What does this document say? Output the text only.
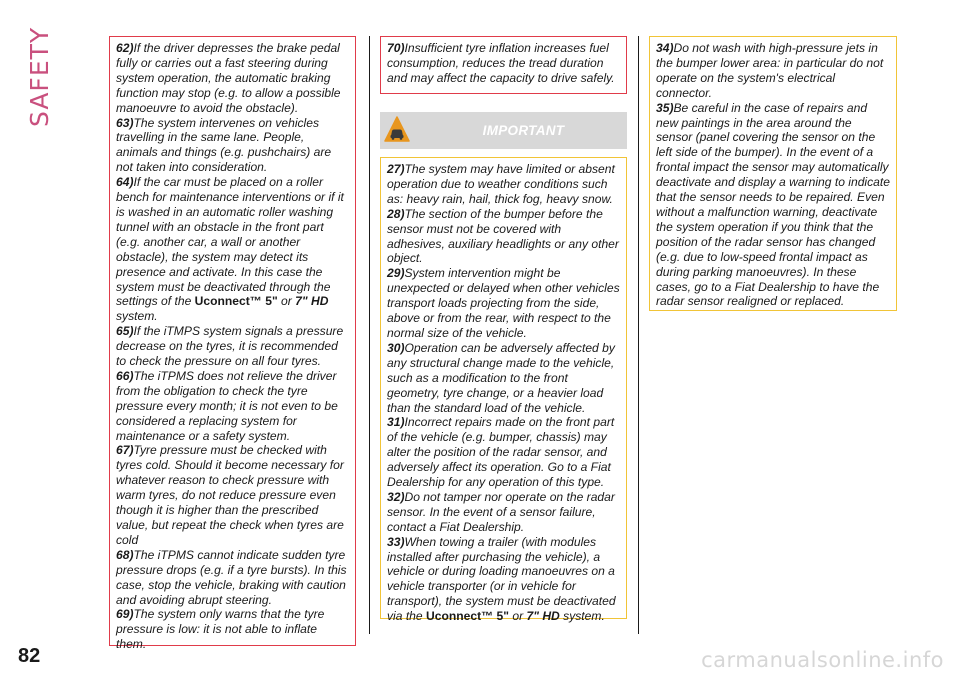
SAFETY	62)If the driver depresses the brake pedal fully or carries out a fast steering during system operation, the automatic braking function may stop (e.g. to allow a possible manoeuvre to avoid the obstacle).

63)The system intervenes on vehicles travelling in the same lane. People, animals and things (e.g. pushchairs) are not taken into consideration.

64)If the car must be placed on a roller bench for maintenance interventions or if it is washed in an automatic roller washing tunnel with an obstacle in the front part (e.g. another car, a wall or another obstacle), the system may detect its presence and activate. In this case the system must be deactivated through the settings of the Uconnect™ 5" or 7" HD system.

65)If the iTMPS system signals a pressure decrease on the tyres, it is recommended to check the pressure on all four tyres.

66)The iTPMS does not relieve the driver from the obligation to check the tyre pressure every month; it is not even to be considered a replacing system for maintenance or a safety system.

67)Tyre pressure must be checked with tyres cold. Should it become necessary for whatever reason to check pressure with warm tyres, do not reduce pressure even though it is higher than the prescribed value, but repeat the check when tyres are cold

68)The iTPMS cannot indicate sudden tyre pressure drops (e.g. if a tyre bursts). In this case, stop the vehicle, braking with caution and avoiding abrupt steering.

69)The system only warns that the tyre pressure is low: it is not able to inflate them.

70)Insufficient tyre inflation increases fuel consumption, reduces the tread duration and may affect the capacity to drive safely.

IMPORTANT

27)The system may have limited or absent operation due to weather conditions such as: heavy rain, hail, thick fog, heavy snow.

28)The section of the bumper before the sensor must not be covered with adhesives, auxiliary headlights or any other object.

29)System intervention might be unexpected or delayed when other vehicles transport loads projecting from the side, above or from the rear, with respect to the normal size of the vehicle.

30)Operation can be adversely affected by any structural change made to the vehicle, such as a modification to the front geometry, tyre change, or a heavier load than the standard load of the vehicle.

31)Incorrect repairs made on the front part of the vehicle (e.g. bumper, chassis) may alter the position of the radar sensor, and adversely affect its operation. Go to a Fiat Dealership for any operation of this type.

32)Do not tamper nor operate on the radar sensor. In the event of a sensor failure, contact a Fiat Dealership.

33)When towing a trailer (with modules installed after purchasing the vehicle), a vehicle or during loading manoeuvres on a vehicle transporter (or in vehicle for transport), the system must be deactivated via the Uconnect™ 5" or 7" HD system.

34)Do not wash with high-pressure jets in the bumper lower area: in particular do not operate on the system's electrical connector.

35)Be careful in the case of repairs and new paintings in the area around the sensor (panel covering the sensor on the left side of the bumper). In the event of a frontal impact the sensor may automatically deactivate and display a warning to indicate that the sensor needs to be repaired. Even without a malfunction warning, deactivate the system operation if you think that the position of the radar sensor has changed (e.g. due to low-speed frontal impact as during parking manoeuvres). In these cases, go to a Fiat Dealership to have the radar sensor realigned or replaced.

82	carmanualsonline.info
